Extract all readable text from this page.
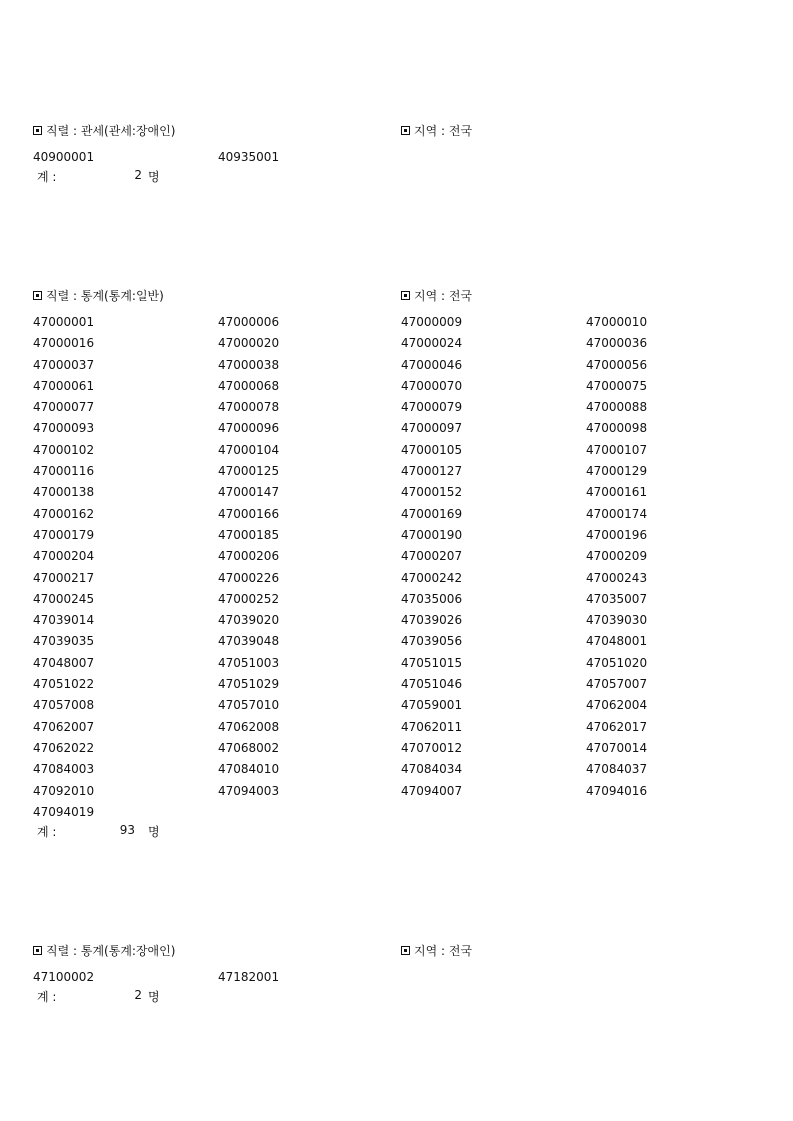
직렬 : 관세(관세:장애인)	지역 : 전국
40900001	40935001		
계 :	2 명
직렬 : 통계(통계:일반)	지역 : 전국
47000001	47000006	47000009	47000010
47000016	47000020	47000024	47000036
47000037	47000038	47000046	47000056
47000061	47000068	47000070	47000075
47000077	47000078	47000079	47000088
47000093	47000096	47000097	47000098
47000102	47000104	47000105	47000107
47000116	47000125	47000127	47000129
47000138	47000147	47000152	47000161
47000162	47000166	47000169	47000174
47000179	47000185	47000190	47000196
47000204	47000206	47000207	47000209
47000217	47000226	47000242	47000243
47000245	47000252	47035006	47035007
47039014	47039020	47039026	47039030
47039035	47039048	47039056	47048001
47048007	47051003	47051015	47051020
47051022	47051029	47051046	47057007
47057008	47057010	47059001	47062004
47062007	47062008	47062011	47062017
47062022	47068002	47070012	47070014
47084003	47084010	47084034	47084037
47092010	47094003	47094007	47094016
47094019			
계 :	93 명
직렬 : 통계(통계:장애인)	지역 : 전국
47100002	47182001		
계 :	2 명
